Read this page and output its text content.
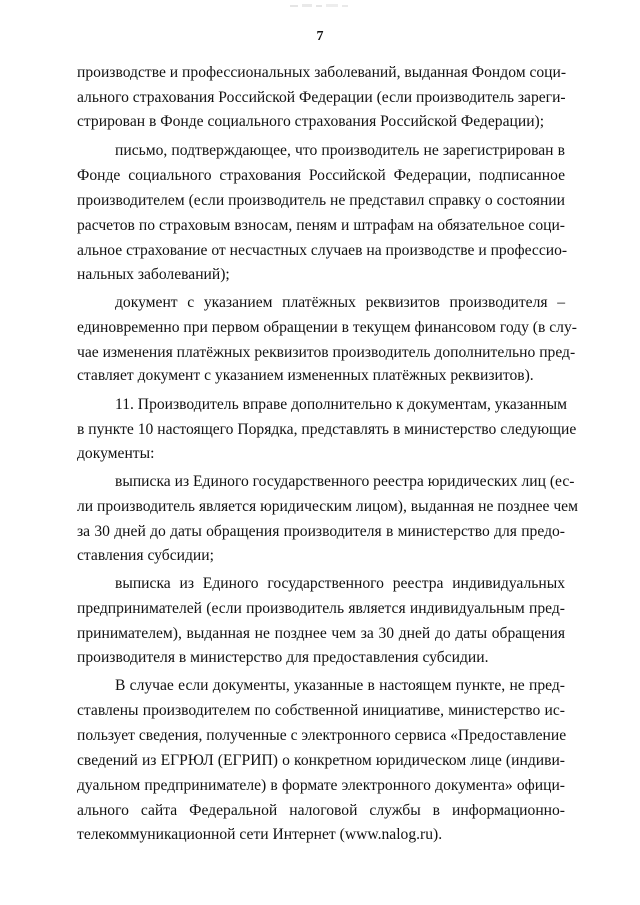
7
производстве и профессиональных заболеваний, выданная Фондом соци-
ального страхования Российской Федерации (если производитель зареги-
стрирован в Фонде социального страхования Российской Федерации);
письмо, подтверждающее, что производитель не зарегистрирован в
Фонде социального страхования Российской Федерации, подписанное
производителем (если производитель не представил справку о состоянии
расчетов по страховым взносам, пеням и штрафам на обязательное соци-
альное страхование от несчастных случаев на производстве и профессио-
нальных заболеваний);
документ с указанием платёжных реквизитов производителя –
единовременно при первом обращении в текущем финансовом году (в слу-
чае изменения платёжных реквизитов производитель дополнительно пред-
ставляет документ с указанием измененных платёжных реквизитов).
11. Производитель вправе дополнительно к документам, указанным
в пункте 10 настоящего Порядка, представлять в министерство следующие
документы:
выписка из Единого государственного реестра юридических лиц (ес-
ли производитель является юридическим лицом), выданная не позднее чем
за 30 дней до даты обращения производителя в министерство для предо-
ставления субсидии;
выписка из Единого государственного реестра индивидуальных
предпринимателей (если производитель является индивидуальным пред-
принимателем), выданная не позднее чем за 30 дней до даты обращения
производителя в министерство для предоставления субсидии.
В случае если документы, указанные в настоящем пункте, не пред-
ставлены производителем по собственной инициативе, министерство ис-
пользует сведения, полученные с электронного сервиса «Предоставление
сведений из ЕГРЮЛ (ЕГРИП) о конкретном юридическом лице (индиви-
дуальном предпринимателе) в формате электронного документа» офици-
ального сайта Федеральной налоговой службы в информационно-
телекоммуникационной сети Интернет (www.nalog.ru).
